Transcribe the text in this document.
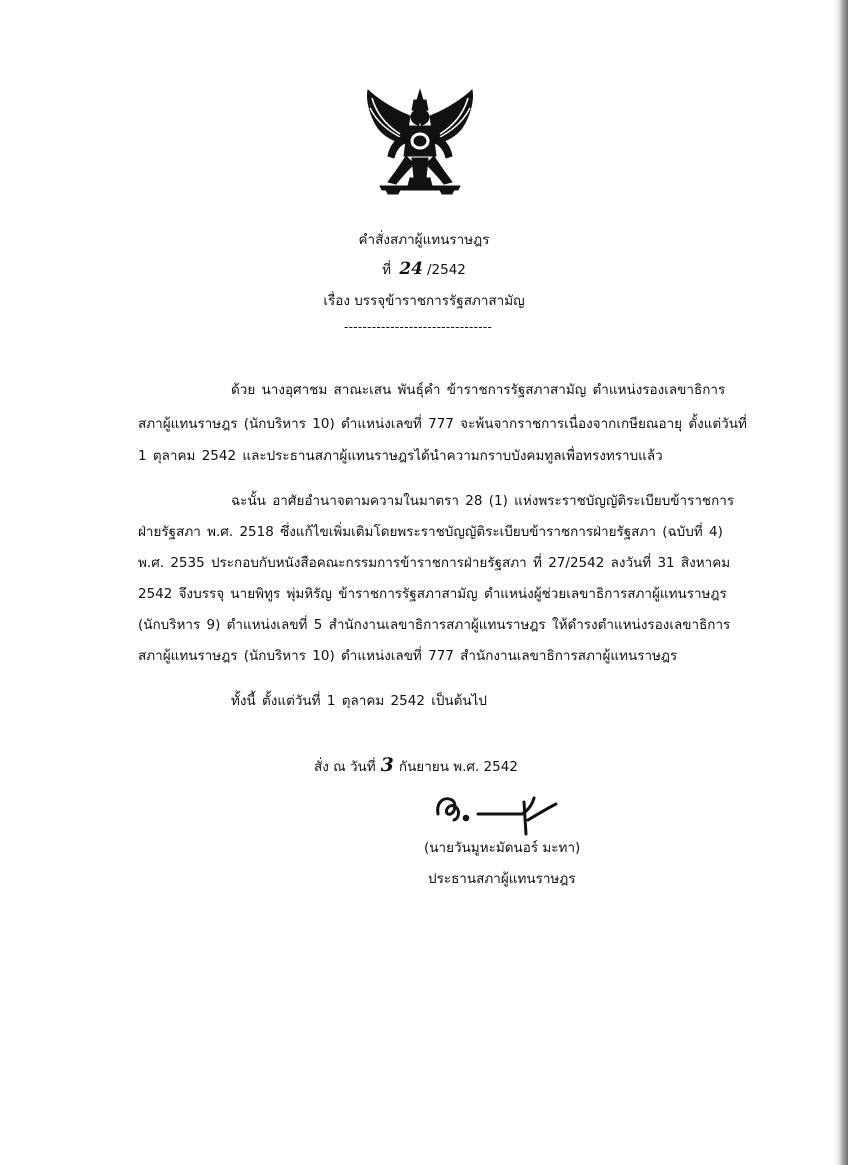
คำสั่งสภาผู้แทนราษฎร
ที่ 24 /2542
เรื่อง บรรจุข้าราชการรัฐสภาสามัญ
--------------------------------
ด้วย นางอุศาชม สาณะเสน พันธุ์คำ ข้าราชการรัฐสภาสามัญ ตำแหน่งรองเลขาธิการ
สภาผู้แทนราษฎร (นักบริหาร 10) ตำแหน่งเลขที่ 777 จะพ้นจากราชการเนื่องจากเกษียณอายุ ตั้งแต่วันที่
1 ตุลาคม 2542 และประธานสภาผู้แทนราษฎรได้นำความกราบบังคมทูลเพื่อทรงทราบแล้ว
ฉะนั้น อาศัยอำนาจตามความในมาตรา 28 (1) แห่งพระราชบัญญัติระเบียบข้าราชการ
ฝ่ายรัฐสภา พ.ศ. 2518 ซึ่งแก้ไขเพิ่มเติมโดยพระราชบัญญัติระเบียบข้าราชการฝ่ายรัฐสภา (ฉบับที่ 4)
พ.ศ. 2535 ประกอบกับหนังสือคณะกรรมการข้าราชการฝ่ายรัฐสภา ที่ 27/2542 ลงวันที่ 31 สิงหาคม
2542 จึงบรรจุ นายพิทูร พุ่มหิรัญ ข้าราชการรัฐสภาสามัญ ตำแหน่งผู้ช่วยเลขาธิการสภาผู้แทนราษฎร
(นักบริหาร 9) ตำแหน่งเลขที่ 5 สำนักงานเลขาธิการสภาผู้แทนราษฎร ให้ดำรงตำแหน่งรองเลขาธิการ
สภาผู้แทนราษฎร (นักบริหาร 10) ตำแหน่งเลขที่ 777 สำนักงานเลขาธิการสภาผู้แทนราษฎร
ทั้งนี้ ตั้งแต่วันที่ 1 ตุลาคม 2542 เป็นต้นไป
สั่ง ณ วันที่ 3 กันยายน พ.ศ. 2542
(นายวันมูหะมัดนอร์ มะทา)
ประธานสภาผู้แทนราษฎร
